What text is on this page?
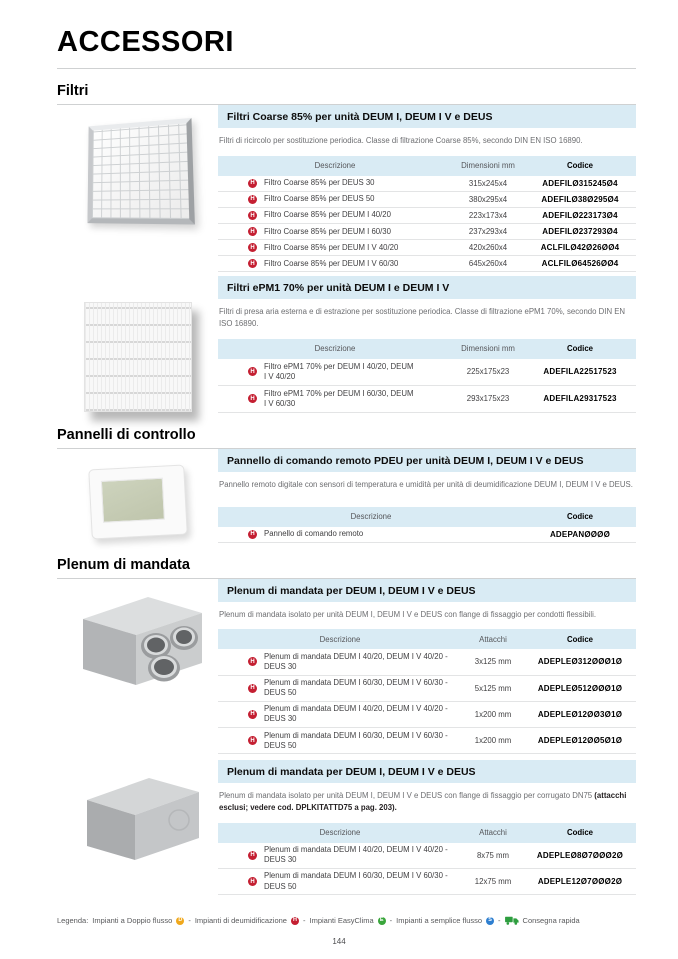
ACCESSORI
Filtri
Filtri Coarse 85% per unità DEUM I, DEUM I V e DEUS
Filtri di ricircolo per sostituzione periodica. Classe di filtrazione Coarse 85%, secondo DIN EN ISO 16890.
Descrizione	Dimensioni mm	Codice
H Filtro Coarse 85% per DEUS 30	315x245x4	ADEFILØ315245Ø4
H Filtro Coarse 85% per DEUS 50	380x295x4	ADEFILØ38Ø295Ø4
H Filtro Coarse 85% per DEUM I 40/20	223x173x4	ADEFILØ223173Ø4
H Filtro Coarse 85% per DEUM I 60/30	237x293x4	ADEFILØ237293Ø4
H Filtro Coarse 85% per DEUM I V 40/20	420x260x4	ACLFILØ42Ø26ØØ4
H Filtro Coarse 85% per DEUM I V 60/30	645x260x4	ACLFILØ64526ØØ4
Filtri ePM1 70% per unità DEUM I e DEUM I V
Filtri di presa aria esterna e di estrazione per sostituzione periodica. Classe di filtrazione ePM1 70%, secondo DIN EN ISO 16890.
Descrizione	Dimensioni mm	Codice
H
Filtro ePM1 70% per DEUM I 40/20, DEUM I V 40/20	225x175x23	ADEFILA22517523
H
Filtro ePM1 70% per DEUM I 60/30, DEUM I V 60/30	293x175x23	ADEFILA29317523
Pannelli di controllo
Pannello di comando remoto PDEU per unità DEUM I, DEUM I V e DEUS
Pannello remoto digitale con sensori di temperatura e umidità per unità di deumidificazione DEUM I, DEUM I V e DEUS.
Descrizione	Codice
H Pannello di comando remoto	ADEPANØØØØ
Plenum di mandata
Plenum di mandata per DEUM I, DEUM I V e DEUS
Plenum di mandata isolato per unità DEUM I, DEUM I V e DEUS con flange di fissaggio per condotti flessibili.
Descrizione	Attacchi	Codice
H
Plenum di mandata DEUM I 40/20, DEUM I V 40/20 - DEUS 30	3x125 mm	ADEPLEØ312ØØØ1Ø
H
Plenum di mandata DEUM I 60/30, DEUM I V 60/30 - DEUS 50	5x125 mm	ADEPLEØ512ØØØ1Ø
H
Plenum di mandata DEUM I 40/20, DEUM I V 40/20 - DEUS 30	1x200 mm	ADEPLEØ12ØØ3Ø1Ø
H
Plenum di mandata DEUM I 60/30, DEUM I V 60/30 - DEUS 50	1x200 mm	ADEPLEØ12ØØ5Ø1Ø
Plenum di mandata per DEUM I, DEUM I V e DEUS
Plenum di mandata isolato per unità DEUM I, DEUM I V e DEUS con flange di fissaggio per corrugato DN75 (attacchi esclusi; vedere cod. DPLKITATTD75 a pag. 203).
Descrizione	Attacchi	Codice
H
Plenum di mandata DEUM I 40/20, DEUM I V 40/20 - DEUS 30	8x75 mm	ADEPLEØ8Ø7ØØØ2Ø
H
Plenum di mandata DEUM I 60/30, DEUM I V 60/30 - DEUS 50	12x75 mm	ADEPLE12Ø7ØØØ2Ø
Legenda: Impianti a Doppio flusso	D - Impianti di deumidificazione	H - Impianti EasyClima	E - Impianti a semplice flusso	S -	Consegna rapida
144
